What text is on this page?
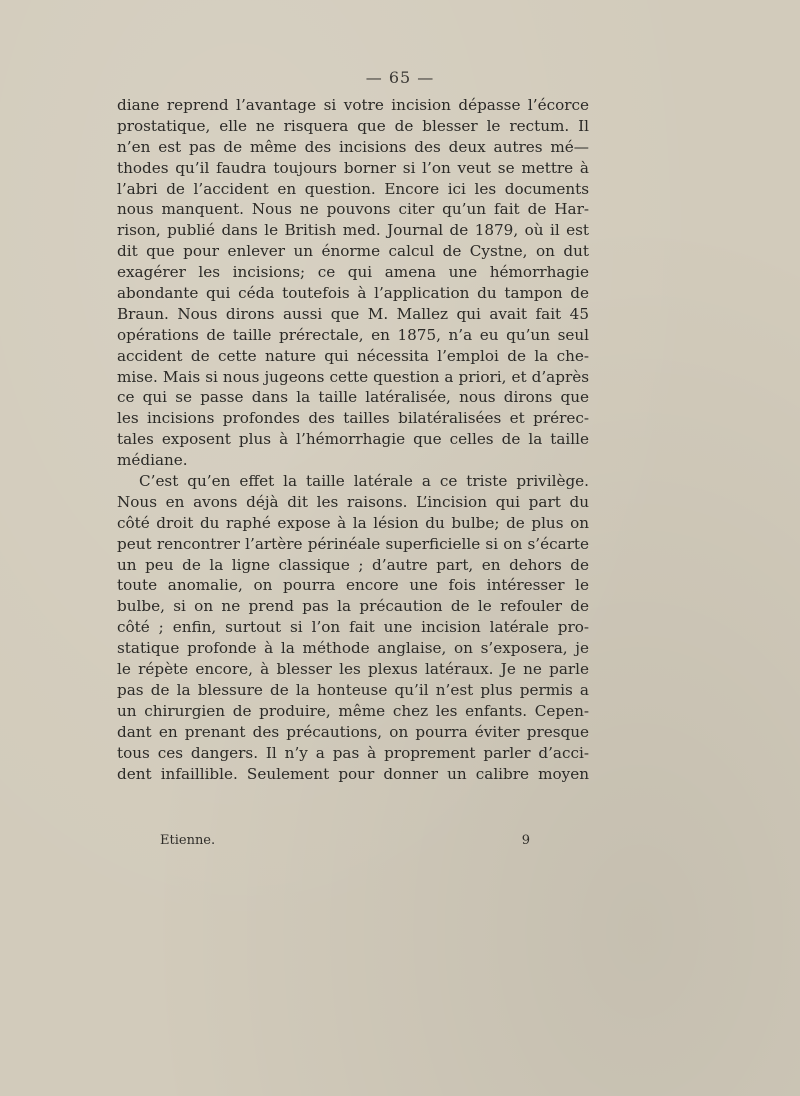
— 65 —
diane reprend l’avantage si votre incision dépasse l’écorce
prostatique, elle ne risquera que de blesser le rectum. Il
n’en est pas de même des incisions des deux autres mé—
thodes qu’il faudra toujours borner si l’on veut se mettre à
l’abri de l’accident en question. Encore ici les documents
nous manquent. Nous ne pouvons citer qu’un fait de Har-
rison, publié dans le British med. Journal de 1879, où il est
dit que pour enlever un énorme calcul de Cystne, on dut
exagérer les incisions; ce qui amena une hémorrhagie
abondante qui céda toutefois à l’application du tampon de
Braun. Nous dirons aussi que M. Mallez qui avait fait 45
opérations de taille prérectale, en 1875, n’a eu qu’un seul
accident de cette nature qui nécessita l’emploi de la che-
mise. Mais si nous jugeons cette question a priori, et d’après
ce qui se passe dans la taille latéralisée, nous dirons que
les incisions profondes des tailles bilatéralisées et prérec-
tales exposent plus à l’hémorrhagie que celles de la taille
médiane.
C’est qu’en effet la taille latérale a ce triste privilège.
Nous en avons déjà dit les raisons. L’incision qui part du
côté droit du raphé expose à la lésion du bulbe; de plus on
peut rencontrer l’artère périnéale superficielle si on s’écarte
un peu de la ligne classique ; d’autre part, en dehors de
toute anomalie, on pourra encore une fois intéresser le
bulbe, si on ne prend pas la précaution de le refouler de
côté ; enfin, surtout si l’on fait une incision latérale pro-
statique profonde à la méthode anglaise, on s’exposera, je
le répète encore, à blesser les plexus latéraux. Je ne parle
pas de la blessure de la honteuse qu’il n’est plus permis a
un chirurgien de produire, même chez les enfants. Cepen-
dant en prenant des précautions, on pourra éviter presque
tous ces dangers. Il n’y a pas à proprement parler d’acci-
dent infaillible. Seulement pour donner un calibre moyen
Etienne.	9
